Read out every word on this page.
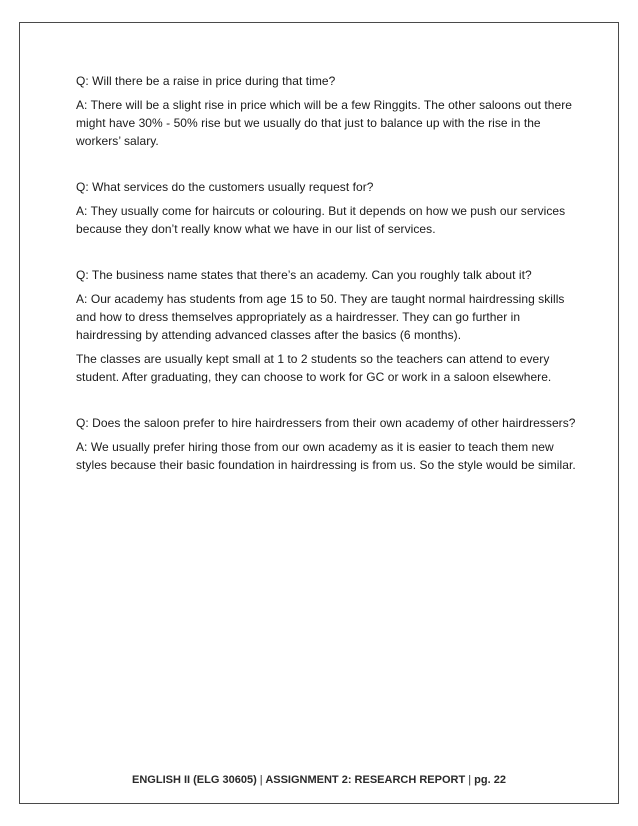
Q: Will there be a raise in price during that time?

A: There will be a slight rise in price which will be a few Ringgits. The other saloons out there might have 30% - 50% rise but we usually do that just to balance up with the rise in the workers’ salary.

Q: What services do the customers usually request for?

A: They usually come for haircuts or colouring. But it depends on how we push our services because they don’t really know what we have in our list of services.

Q: The business name states that there’s an academy. Can you roughly talk about it?

A: Our academy has students from age 15 to 50. They are taught normal hairdressing skills and how to dress themselves appropriately as a hairdresser. They can go further in hairdressing by attending advanced classes after the basics (6 months).

The classes are usually kept small at 1 to 2 students so the teachers can attend to every student. After graduating, they can choose to work for GC or work in a saloon elsewhere.

Q: Does the saloon prefer to hire hairdressers from their own academy of other hairdressers?

A: We usually prefer hiring those from our own academy as it is easier to teach them new styles because their basic foundation in hairdressing is from us. So the style would be similar.

ENGLISH II (ELG 30605) | ASSIGNMENT 2: RESEARCH REPORT | pg. 22
